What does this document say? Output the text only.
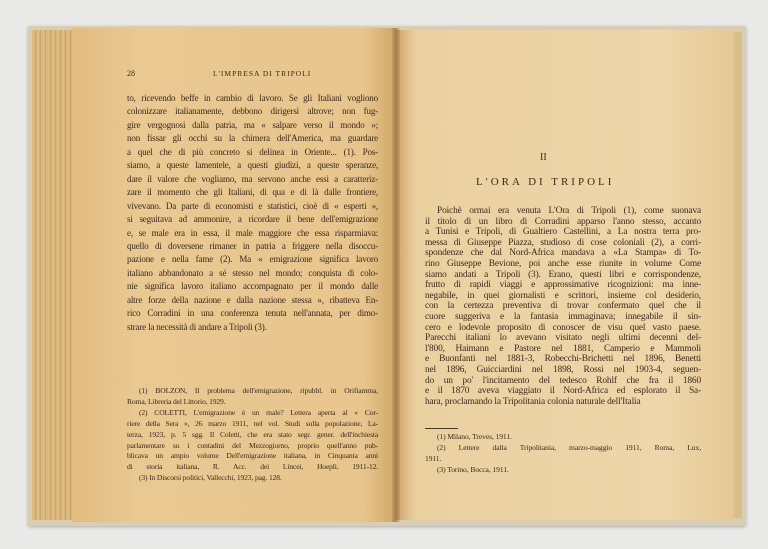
28	L'IMPRESA DI TRIPOLI
to, ricevendo beffe in cambio di lavoro. Se gli Italiani vogliono
colonizzare italianamente, debbono dirigersi altrove; non fug-
gire vergognosi dalla patria, ma « salpare verso il mondo »;
non fissar gli occhi su la chimera dell'America, ma guardare
a quel che di più concreto si delinea in Oriente... (1). Pos-
siamo, a queste lamentele, a questi giudizi, a queste speranze,
dare il valore che vogliamo, ma servono anche essi a caratteriz-
zare il momento che gli Italiani, di qua e di là dalle frontiere,
vivevano. Da parte di economisti e statistici, cioè di « esperti »,
si seguitava ad ammonire, a ricordare il bene dell'emigrazione
e, se male era in essa, il male maggiore che essa risparmiava:
quello di doversene rimaner in patria a friggere nella disoccu-
pazione e nella fame (2). Ma « emigrazione significa lavoro
italiano abbandonato a sé stesso nel mondo; conquista di colo-
nie significa lavoro italiano accompagnato per il mondo dalle
altre forze della nazione e dalla nazione stessa », ribatteva En-
rico Corradini in una conferenza tenuta nell'annata, per dimo-
strare la necessità di andare a Tripoli (3).
(1) BOLZON, Il problema dell'emigrazione, ripubbl. in Orifiamma,
Roma, Libreria del Littorio, 1929.
(2) COLETTI, L'emigrazione è un male? Lettera aperta al « Cor-
riere della Sera », 26 marzo 1911, nel vol. Studi sulla popolazione, La-
terza, 1923, p. 5 sgg. Il Coletti, che era stato segr. gener. dell'inchiesta
parlamentare su i contadini del Mezzogiorno, proprio quell'anno pub-
blicava un ampio volume Dell'emigrazione italiana, in Cinquanta anni
di storia italiana, R. Acc. dei Lincei, Hoepli, 1911-12.
(3) In Discorsi politici, Vallecchi, 1923, pag. 128.
II
L'ORA DI TRIPOLI
Poichè ormai era venuta L'Ora di Tripoli (1), come suonava
il titolo di un libro di Corradini apparso l'anno stesso, accanto
a Tunisi e Tripoli, di Gualtiero Castellini, a La nostra terra pro-
messa di Giuseppe Piazza, studioso di cose coloniali (2), a corri-
spondenze che dal Nord-Africa mandava a «La Stampa» di To-
rino Giuseppe Bevione, poi anche esse riunite in volume Come
siamo andati a Tripoli (3). Erano, questi libri e corrispondenze,
frutto di rapidi viaggi e approssimative ricognizioni: ma inne-
negabile, in quei giornalisti e scrittori, insieme col desiderio,
con la certezza preventiva di trovar confermato quel che il
cuore suggeriva e la fantasia immaginava; innegabile il sin-
cero e lodevole proposito di conoscer de visu quel vasto paese.
Parecchi italiani lo avevano visitato negli ultimi decenni del-
l'800, Haimann e Pastore nel 1881, Camperio e Mammoli
e Buonfanti nel 1881-3, Robecchi-Brichetti nel 1896, Benetti
nel 1896, Guicciardini nel 1898, Rossi nel 1903-4, seguen-
do un po' l'incitamento del tedesco Rohlf che fra il 1860
e il 1870 aveva viaggiato il Nord-Africa ed esplorato il Sa-
hara, proclamando la Tripolitania colonia naturale dell'Italia
(1) Milano, Treves, 1911.
(2) Lettere dalla Tripolitania, marzo-maggio 1911, Roma, Lux,
1911.
(3) Torino, Bocca, 1911.
